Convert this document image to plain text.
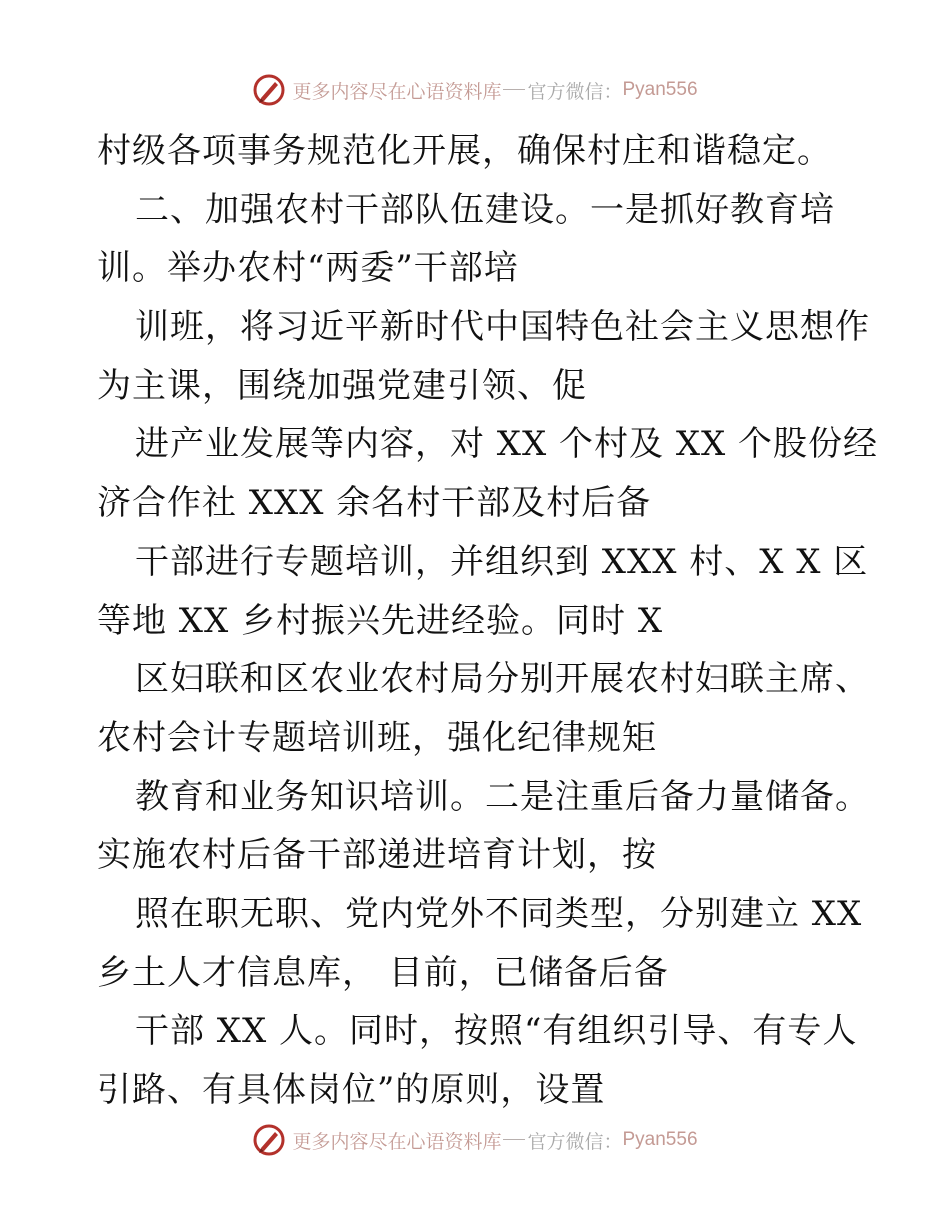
更多内容尽在心语资料库 官方微信： Pyan556
村级各项事务规范化开展，确保村庄和谐稳定。
二、加强农村干部队伍建设。一是抓好教育培
训。举办农村“两委”干部培
训班，将习近平新时代中国特色社会主义思想作
为主课，围绕加强党建引领、促
进产业发展等内容，对 XX 个村及 XX 个股份经
济合作社 XXX 余名村干部及村后备
干部进行专题培训，并组织到 XXX 村、X X 区
等地 XX 乡村振兴先进经验。同时 X
区妇联和区农业农村局分别开展农村妇联主席、
农村会计专题培训班，强化纪律规矩
教育和业务知识培训。二是注重后备力量储备。
实施农村后备干部递进培育计划，按
照在职无职、党内党外不同类型，分别建立 XX
乡土人才信息库， 目前，已储备后备
干部 XX 人。同时，按照“有组织引导、有专人
引路、有具体岗位”的原则，设置
更多内容尽在心语资料库 官方微信： Pyan556
